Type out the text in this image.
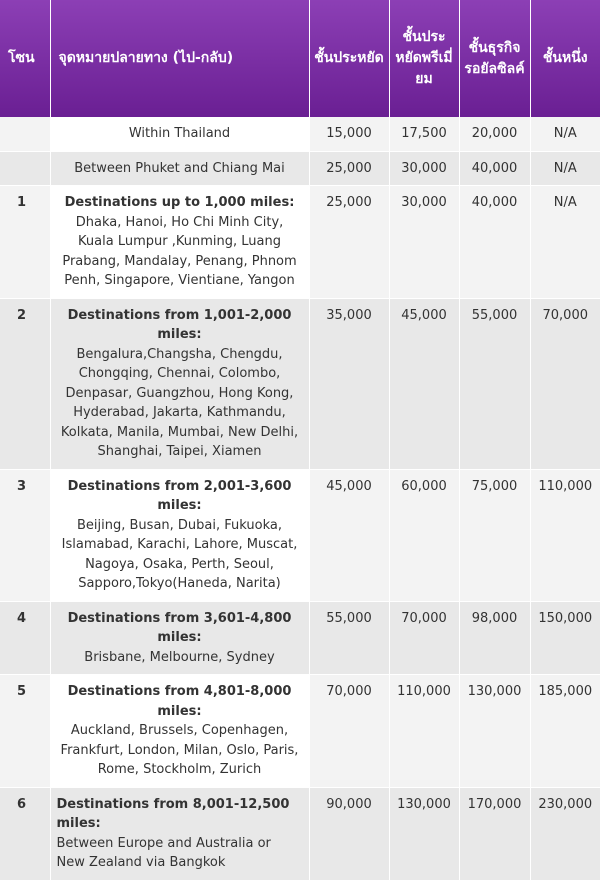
โซน	จุดหมายปลายทาง (ไป-กลับ)	ชั้นประหยัด	ชั้นประหยัดพรีเมี่ยม	ชั้นธุรกิจรอยัลซิลค์	ชั้นหนึ่ง

	Within Thailand	15,000	17,500	20,000	N/A

	Between Phuket and Chiang Mai	25,000	30,000	40,000	N/A
1	Destinations up to 1,000 miles:
Dhaka, Hanoi, Ho Chi Minh City, Kuala Lumpur ,Kunming, Luang Prabang, Mandalay, Penang, Phnom Penh, Singapore, Vientiane, Yangon	25,000	30,000	40,000	N/A
2	Destinations from 1,001-2,000 miles:
Bengalura,Changsha, Chengdu, Chongqing, Chennai, Colombo, Denpasar, Guangzhou, Hong Kong, Hyderabad, Jakarta, Kathmandu, Kolkata, Manila, Mumbai, New Delhi, Shanghai, Taipei, Xiamen	35,000	45,000	55,000	70,000
3	Destinations from 2,001-3,600 miles:
Beijing, Busan, Dubai, Fukuoka, Islamabad, Karachi, Lahore, Muscat, Nagoya, Osaka, Perth, Seoul, Sapporo,Tokyo(Haneda, Narita)	45,000	60,000	75,000	110,000
4	Destinations from 3,601-4,800 miles:
Brisbane, Melbourne, Sydney	55,000	70,000	98,000	150,000
5	Destinations from 4,801-8,000 miles:
Auckland, Brussels, Copenhagen, Frankfurt, London, Milan, Oslo, Paris, Rome, Stockholm, Zurich	70,000	110,000	130,000	185,000
6	Destinations from 8,001-12,500 miles:
Between Europe and Australia or New Zealand via Bangkok	90,000	130,000	170,000	230,000
